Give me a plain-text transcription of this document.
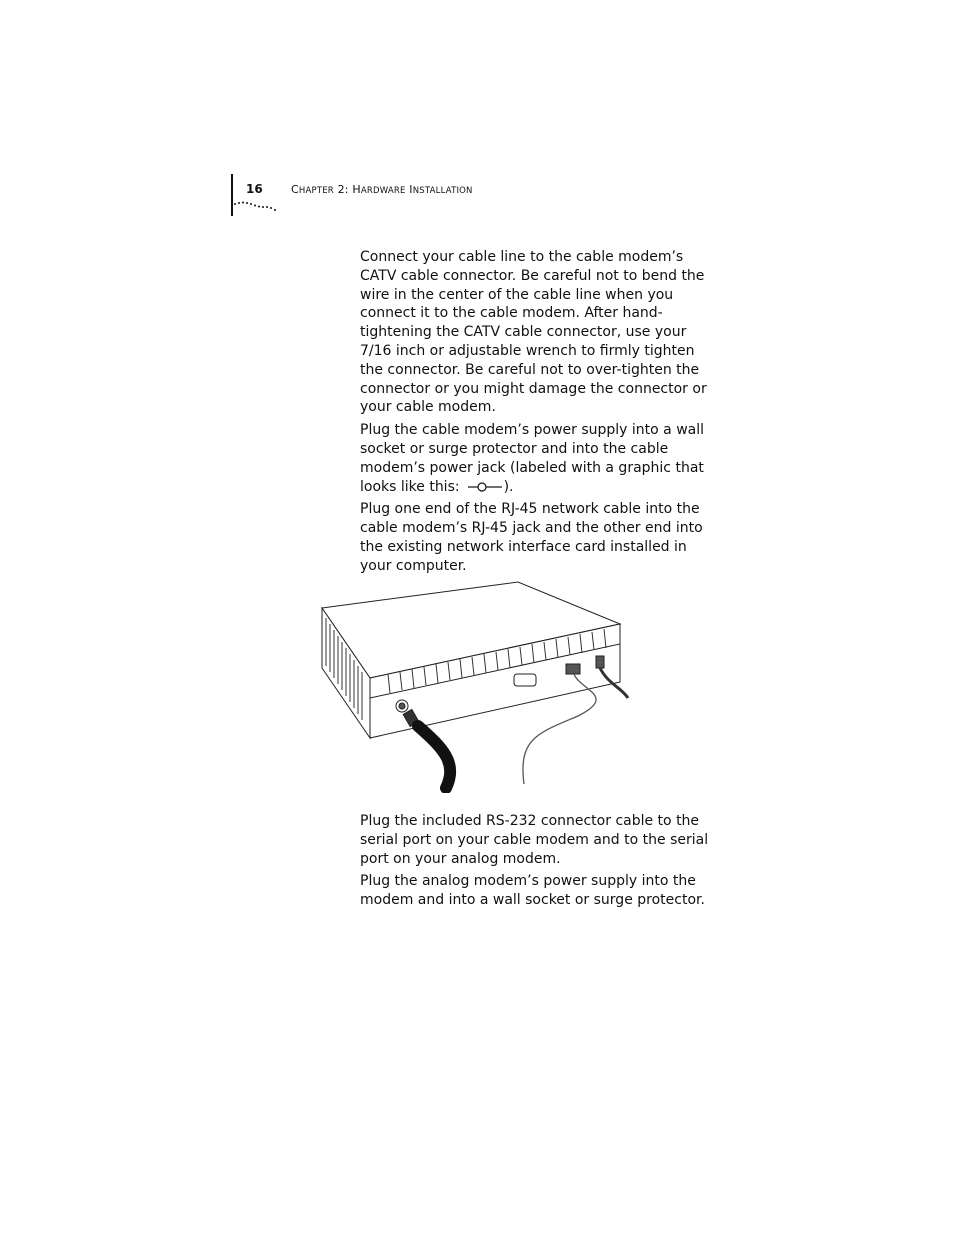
16	CHAPTER 2: HARDWARE INSTALLATION

Connect your cable line to the cable modem’s CATV cable connector. Be careful not to bend the wire in the center of the cable line when you connect it to the cable modem. After hand-tightening the CATV cable connector, use your 7/16 inch or adjustable wrench to firmly tighten the connector. Be careful not to over-tighten the connector or you might damage the connector or your cable modem.

Plug the cable modem’s power supply into a wall socket or surge protector and into the cable modem’s power jack (labeled with a graphic that looks like this:	).

Plug one end of the RJ-45 network cable into the cable modem’s RJ-45 jack and the other end into the existing network interface card installed in your computer.

Plug the included RS-232 connector cable to the serial port on your cable modem and to the serial port on your analog modem.

Plug the analog modem’s power supply into the modem and into a wall socket or surge protector.
